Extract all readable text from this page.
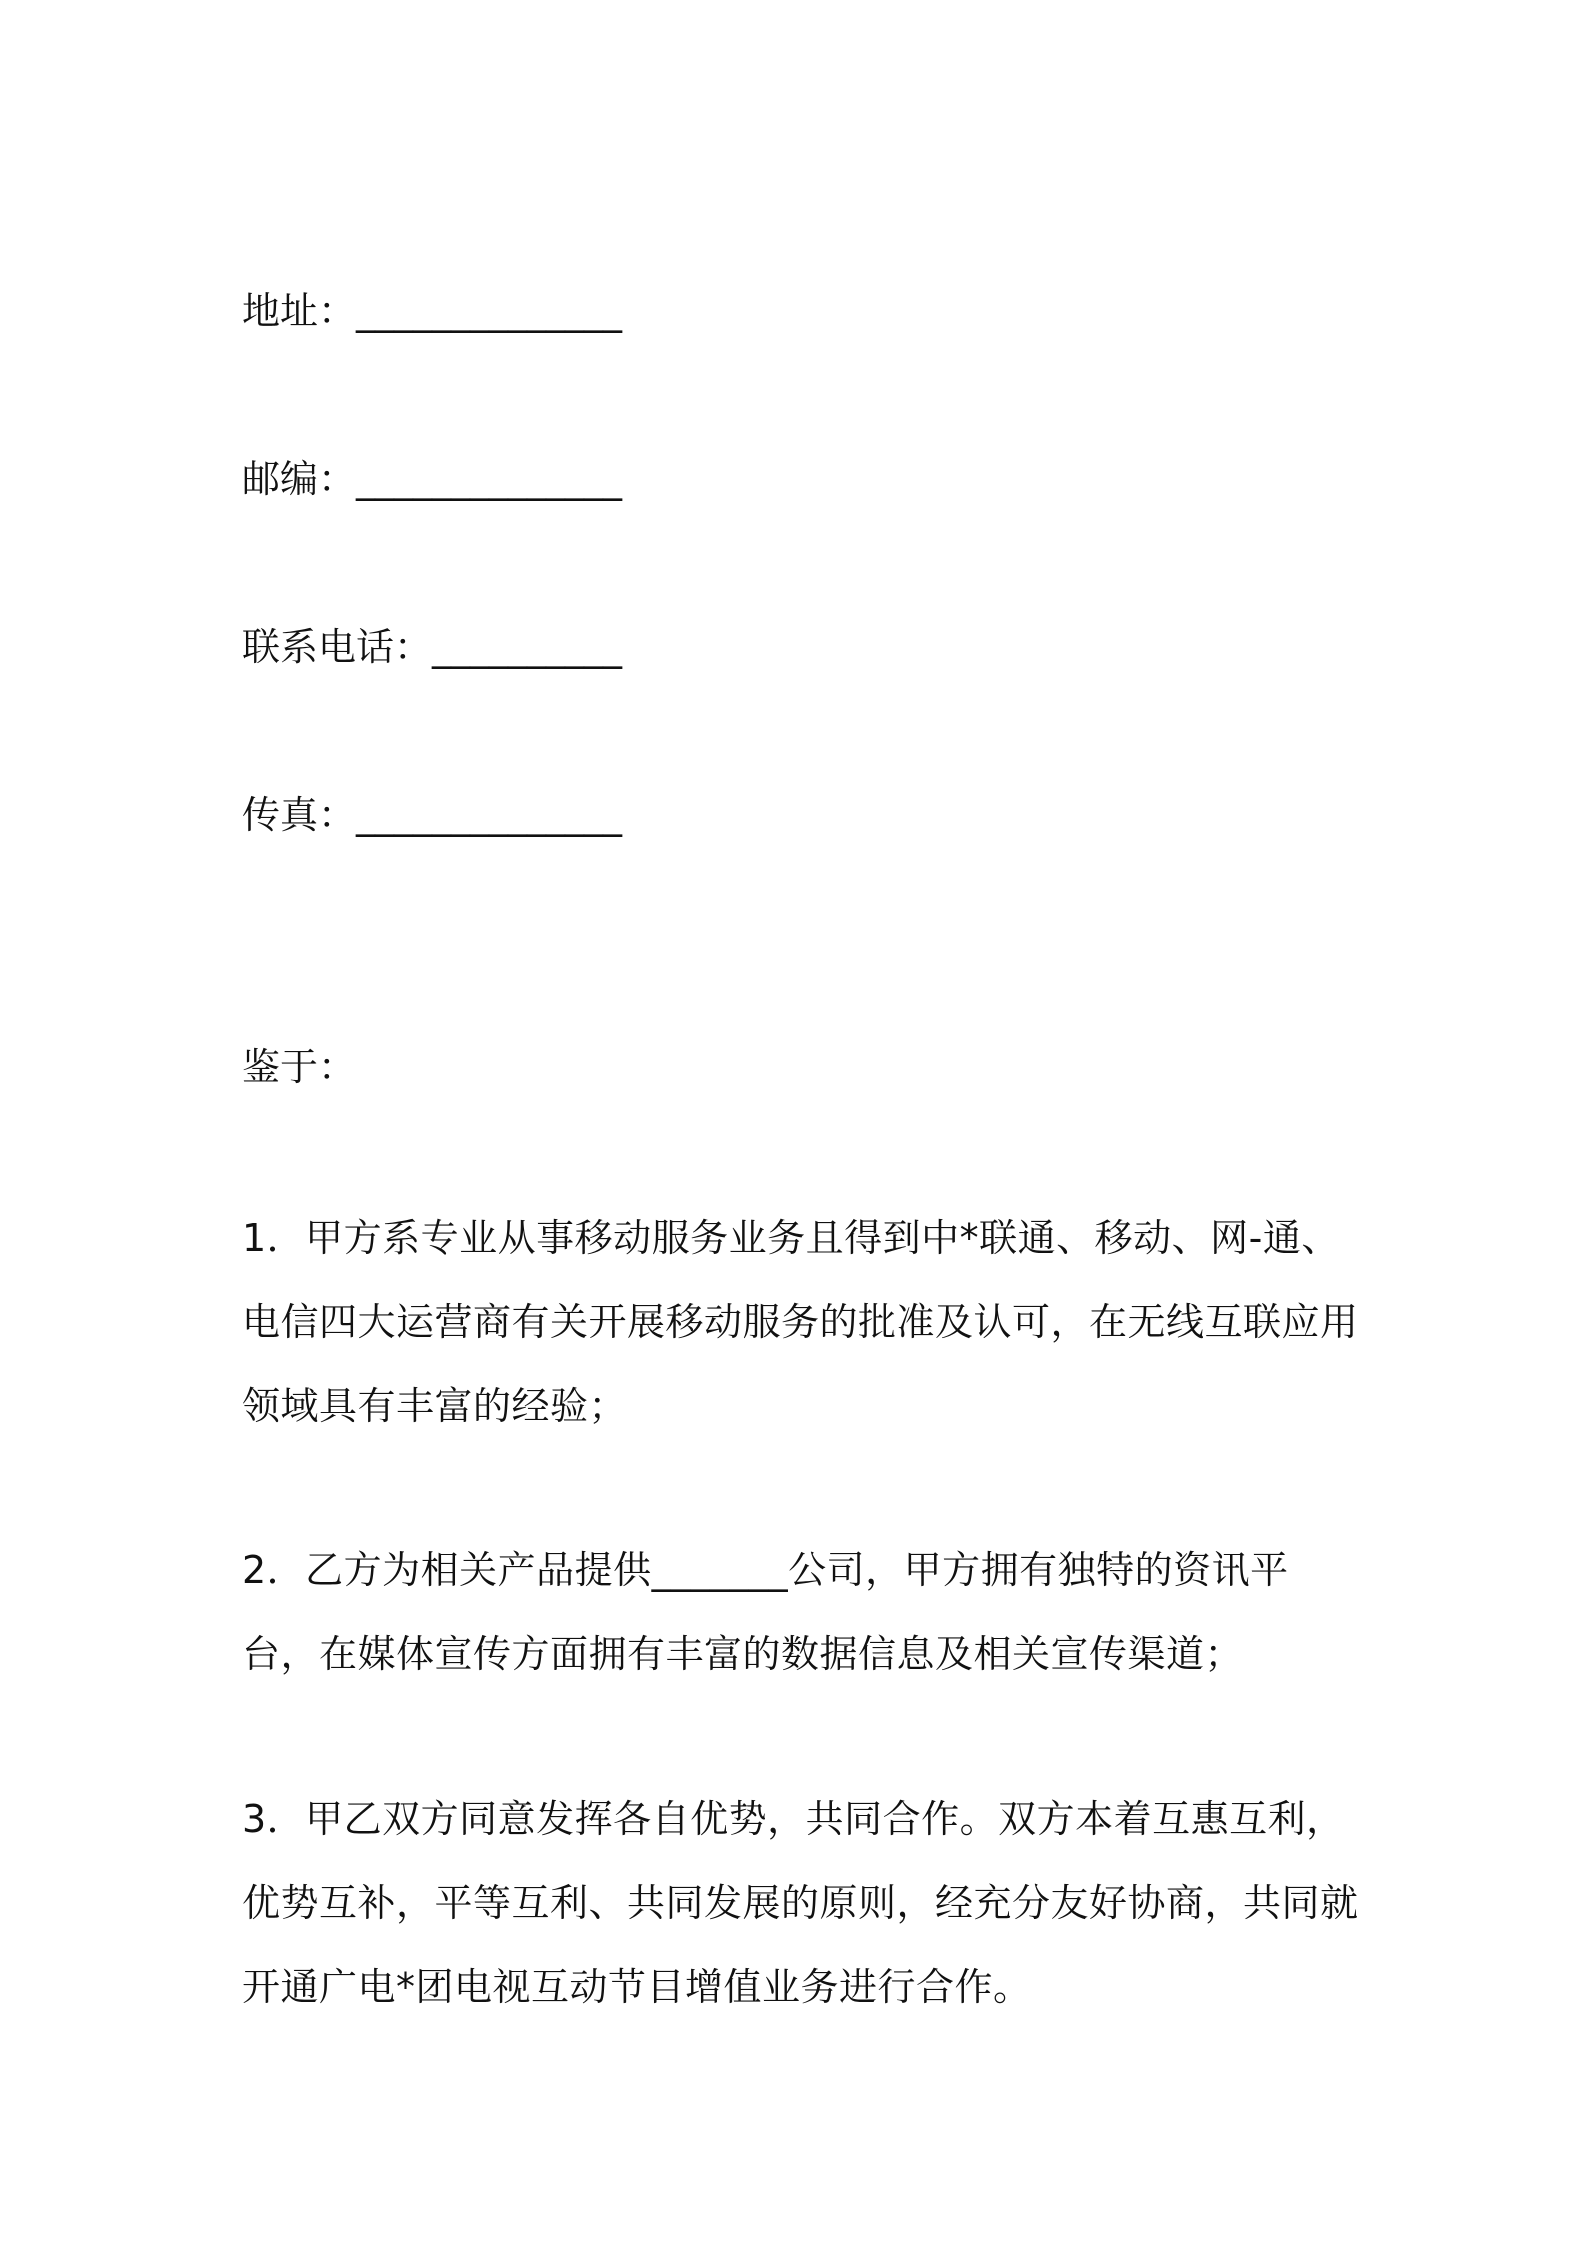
地址：______________
邮编：______________
联系电话：__________
传真：______________
鉴于：
1．甲方系专业从事移动服务业务且得到中*联通、移动、网-通、电信四大运营商有关开展移动服务的批准及认可，在无线互联应用领域具有丰富的经验；
2．乙方为相关产品提供_______公司，甲方拥有独特的资讯平台，在媒体宣传方面拥有丰富的数据信息及相关宣传渠道；
3．甲乙双方同意发挥各自优势，共同合作。双方本着互惠互利，优势互补，平等互利、共同发展的原则，经充分友好协商，共同就开通广电*团电视互动节目增值业务进行合作。
